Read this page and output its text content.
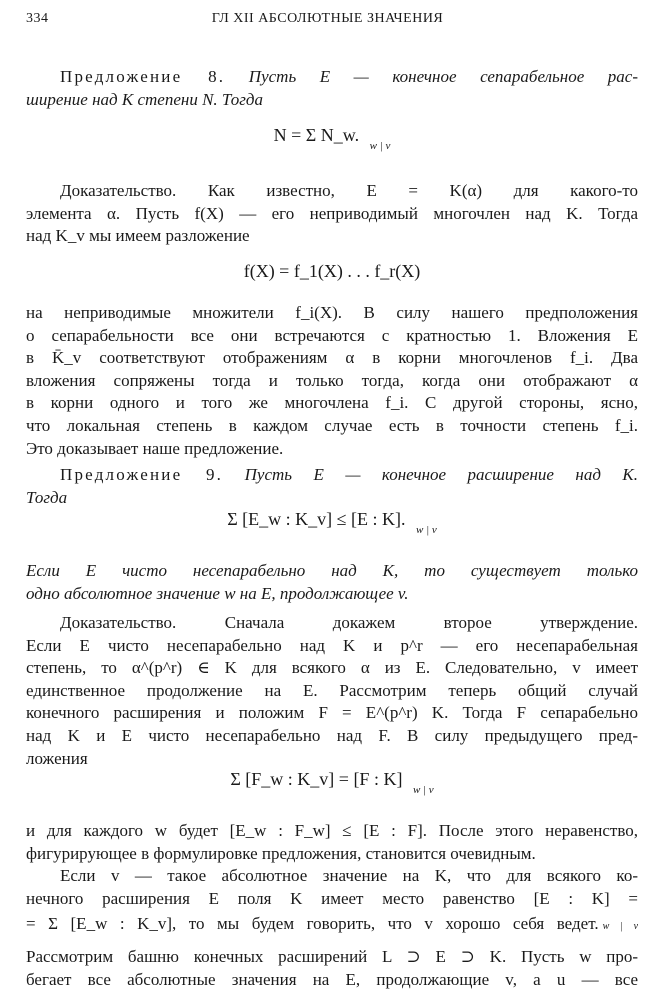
334	ГЛ XII АБСОЛЮТНЫЕ ЗНАЧЕНИЯ
Предложение 8. Пусть E — конечное сепарабельное рас-
ширение над K степени N. Тогда
N = Σ N_w. $_{w | v}$
Доказательство. Как известно, E = K(α) для какого-то
элемента α. Пусть f(X) — его неприводимый многочлен над K. Тогда
над K_v мы имеем разложение
f(X) = f_1(X) . . . f_r(X)
на неприводимые множители f_i(X). В силу нашего предположения
о сепарабельности все они встречаются с кратностью 1. Вложения E
в K̄_v соответствуют отображениям α в корни многочленов f_i. Два
вложения сопряжены тогда и только тогда, когда они отображают α
в корни одного и того же многочлена f_i. С другой стороны, ясно,
что локальная степень в каждом случае есть в точности степень f_i.
Это доказывает наше предложение.
Предложение 9. Пусть E — конечное расширение над K.
Тогда
Σ [E_w : K_v] ≤ [E : K]. $_{w | v}$
Если E чисто несепарабельно над K, то существует только
одно абсолютное значение w на E, продолжающее v.
Доказательство. Сначала докажем второе утверждение.
Если E чисто несепарабельно над K и p^r — его несепарабельная
степень, то α^(p^r) ∈ K для всякого α из E. Следовательно, v имеет
единственное продолжение на E. Рассмотрим теперь общий случай
конечного расширения и положим F = E^(p^r) K. Тогда F сепарабельно
над K и E чисто несепарабельно над F. В силу предыдущего пред-
ложения
Σ [F_w : K_v] = [F : K] $_{w | v}$
и для каждого w будет [E_w : F_w] ≤ [E : F]. После этого неравенство,
фигурирующее в формулировке предложения, становится очевидным.
Если v — такое абсолютное значение на K, что для всякого ко-
нечного расширения E поля K имеет место равенство [E : K] =
= Σ [E_w : K_v], то мы будем говорить, что v хорошо себя ведет. w | v
Рассмотрим башню конечных расширений L ⊃ E ⊃ K. Пусть w про-
бегает все абсолютные значения на E, продолжающие v, а u — все
